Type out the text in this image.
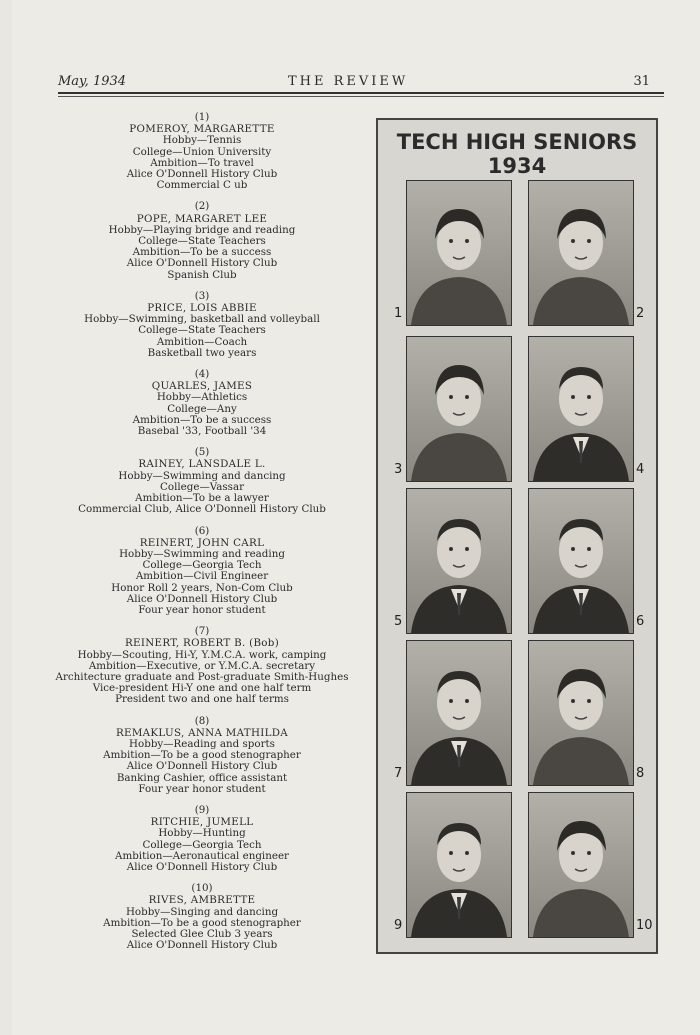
May, 1934	THE REVIEW	31
(1)
POMEROY, MARGARETTE
Hobby—Tennis
College—Union University
Ambition—To travel
Alice O'Donnell History Club
Commercial C ub
(2)
POPE, MARGARET LEE
Hobby—Playing bridge and reading
College—State Teachers
Ambition—To be a success
Alice O'Donnell History Club
Spanish Club
(3)
PRICE, LOIS ABBIE
Hobby—Swimming, basketball and volleyball
College—State Teachers
Ambition—Coach
Basketball two years
(4)
QUARLES, JAMES
Hobby—Athletics
College—Any
Ambition—To be a success
Basebal '33, Football '34
(5)
RAINEY, LANSDALE L.
Hobby—Swimming and dancing
College—Vassar
Ambition—To be a lawyer
Commercial Club, Alice O'Donnell History Club
(6)
REINERT, JOHN CARL
Hobby—Swimming and reading
College—Georgia Tech
Ambition—Civil Engineer
Honor Roll 2 years, Non-Com Club
Alice O'Donnell History Club
Four year honor student
(7)
REINERT, ROBERT B. (Bob)
Hobby—Scouting, Hi-Y, Y.M.C.A. work, camping
Ambition—Executive, or Y.M.C.A. secretary
Architecture graduate and Post-graduate Smith-Hughes
Vice-president Hi-Y one and one half term
President two and one half terms
(8)
REMAKLUS, ANNA MATHILDA
Hobby—Reading and sports
Ambition—To be a good stenographer
Alice O'Donnell History Club
Banking Cashier, office assistant
Four year honor student
(9)
RITCHIE, JUMELL
Hobby—Hunting
College—Georgia Tech
Ambition—Aeronautical engineer
Alice O'Donnell History Club
(10)
RIVES, AMBRETTE
Hobby—Singing and dancing
Ambition—To be a good stenographer
Selected Glee Club 3 years
Alice O'Donnell History Club
TECH HIGH SENIORS
1934
1	2
3	4
5	6
7	8
9	10
